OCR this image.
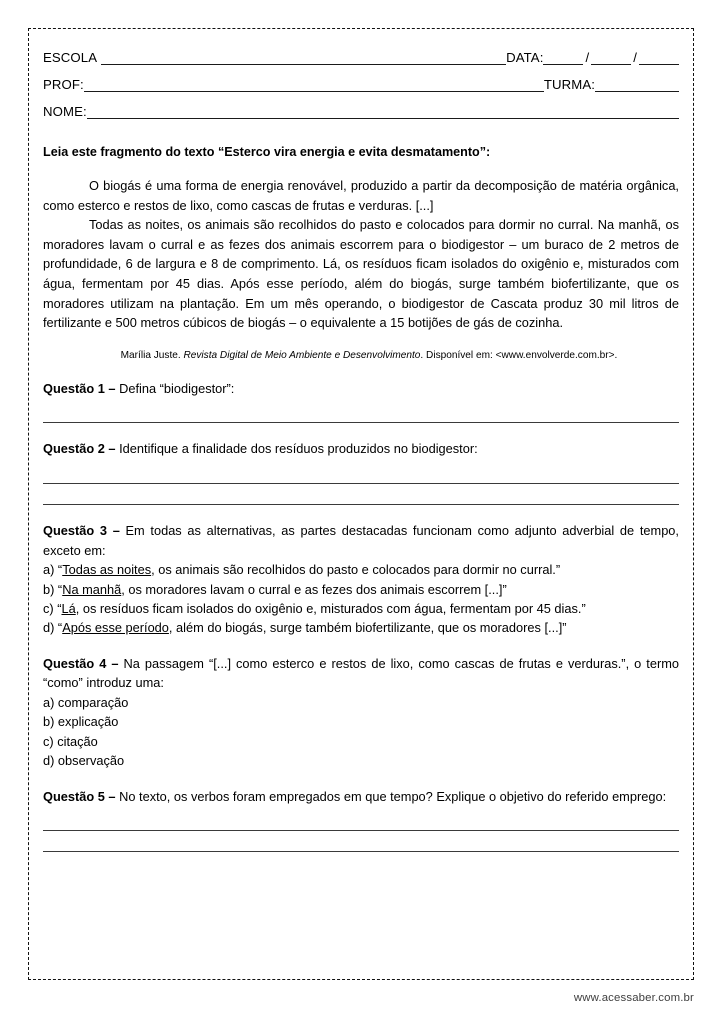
ESCOLA	DATA:	/	/
PROF:	TURMA:
NOME:
Leia este fragmento do texto “Esterco vira energia e evita desmatamento”:

O biogás é uma forma de energia renovável, produzido a partir da decomposição de matéria orgânica, como esterco e restos de lixo, como cascas de frutas e verduras. [...]

Todas as noites, os animais são recolhidos do pasto e colocados para dormir no curral. Na manhã, os moradores lavam o curral e as fezes dos animais escorrem para o biodigestor – um buraco de 2 metros de profundidade, 6 de largura e 8 de comprimento. Lá, os resíduos ficam isolados do oxigênio e, misturados com água, fermentam por 45 dias. Após esse período, além do biogás, surge também biofertilizante, que os moradores utilizam na plantação. Em um mês operando, o biodigestor de Cascata produz 30 mil litros de fertilizante e 500 metros cúbicos de biogás – o equivalente a 15 botijões de gás de cozinha.

Marília Juste. Revista Digital de Meio Ambiente e Desenvolvimento. Disponível em: <www.envolverde.com.br>.

Questão 1 – Defina “biodigestor”:

Questão 2 – Identifique a finalidade dos resíduos produzidos no biodigestor:

Questão 3 – Em todas as alternativas, as partes destacadas funcionam como adjunto adverbial de tempo, exceto em:

a) “Todas as noites, os animais são recolhidos do pasto e colocados para dormir no curral.”

b) “Na manhã, os moradores lavam o curral e as fezes dos animais escorrem [...]”

c) “Lá, os resíduos ficam isolados do oxigênio e, misturados com água, fermentam por 45 dias.”

d) “Após esse período, além do biogás, surge também biofertilizante, que os moradores [...]”

Questão 4 – Na passagem “[...] como esterco e restos de lixo, como cascas de frutas e verduras.”, o termo “como” introduz uma:

a) comparação

b) explicação

c) citação

d) observação

Questão 5 – No texto, os verbos foram empregados em que tempo? Explique o objetivo do referido emprego:

www.acessaber.com.br
